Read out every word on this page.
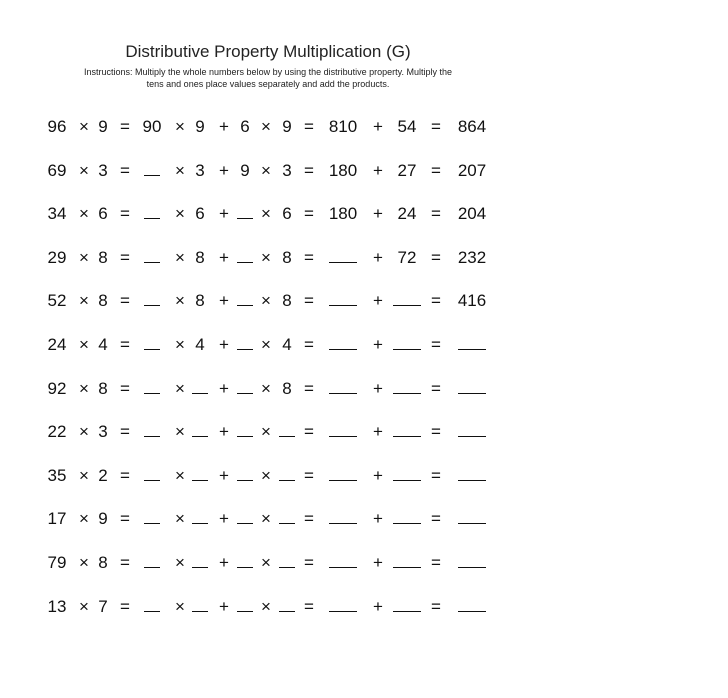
Distributive Property Multiplication (G)
Instructions: Multiply the whole numbers below by using the distributive property. Multiply the
tens and ones place values separately and add the products.
96 × 9 = 90 × 9 + 6 × 9 = 810 + 54 = 864
69 × 3 =	× 3 + 9 × 3 = 180 + 27 = 207
34 × 6 =	× 6 +	× 6 = 180 + 24 = 204
29 × 8 =	× 8 +	× 8 =	+ 72 = 232
52 × 8 =	× 8 +	× 8 =	+	= 416
24 × 4 =	× 4 +	× 4 =	+	=
92 × 8 =	×	+	× 8 =	+	=
22 × 3 =	×	+	×	=	+	=
35 × 2 =	×	+	×	=	+	=
17 × 9 =	×	+	×	=	+	=
79 × 8 =	×	+	×	=	+	=
13 × 7 =	×	+	×	=	+	=
